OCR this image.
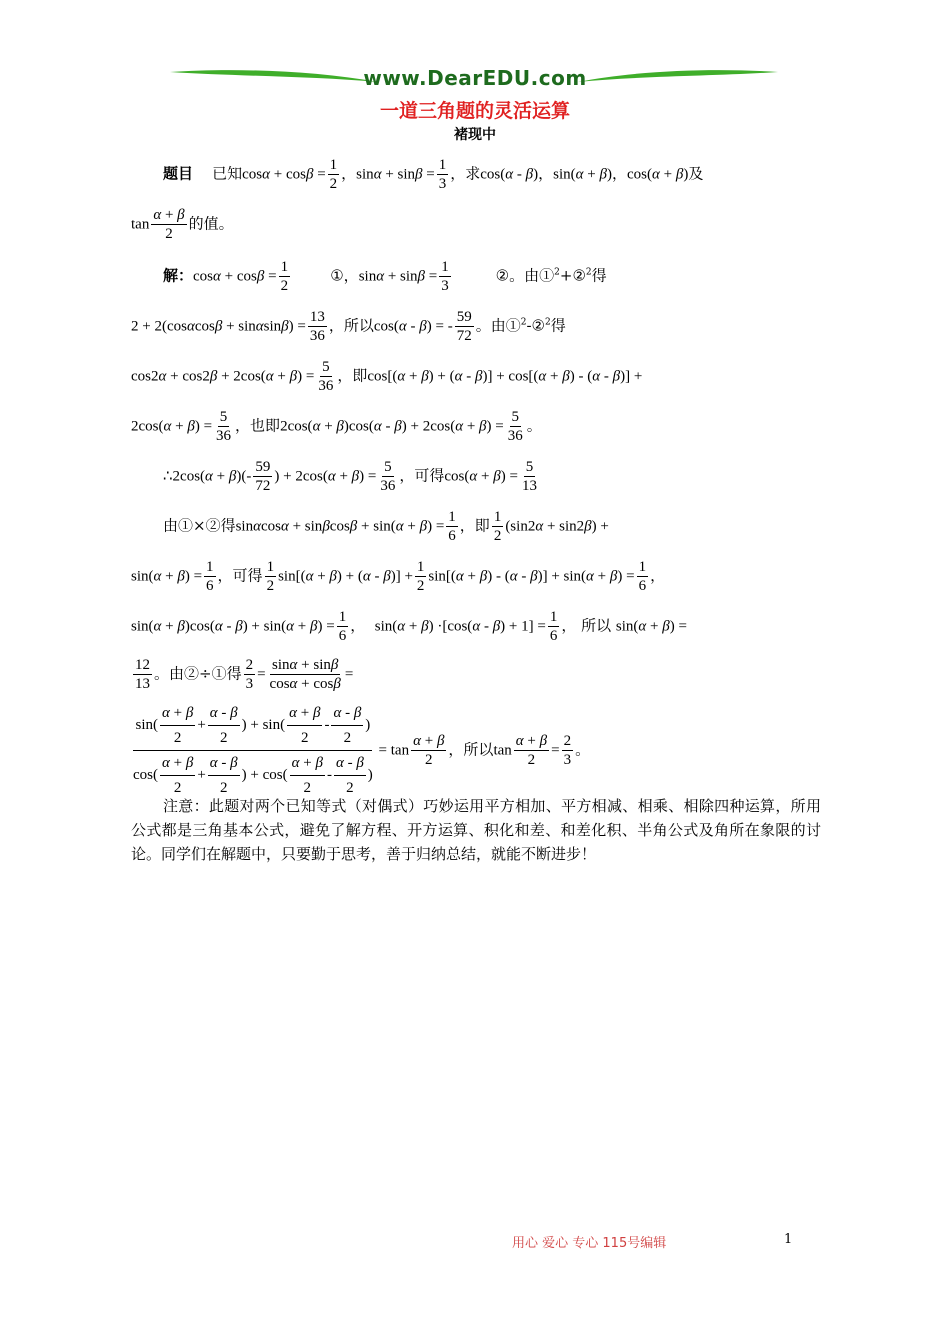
www.DearEDU.com
一道三角题的灵活运算
褚现中
题目 已知$\cos\alpha + \cos\beta = \frac{1}{2}$ ，$\sin\alpha + \sin\beta = \frac{1}{3}$ ，求cos(α - β)，sin(α + β)，cos(α + β)及
$\tan \frac{\alpha + \beta}{2}$ 的值。
解：$\cos\alpha + \cos\beta = \frac{1}{2}$	①，$\sin\alpha + \sin\beta = \frac{1}{3}$	②。由①$^2$+②$^2$得
$2 + 2(\cos\alpha\cos\beta + \sin\alpha\sin\beta) = \frac{13}{36}$ ，所以cos(α - β) = - $\frac{59}{72}$ 。由①$^2$-②$^2$得
$\cos 2\alpha + \cos 2\beta + 2\cos(\alpha + \beta) = \frac{5}{36}$ ，即cos[(α + β) + (α - β)] + cos[(α + β) - (α - β)] +
$2\cos(\alpha + \beta) = \frac{5}{36}$ ，也即$2\cos(\alpha + \beta)\cos(\alpha - \beta) + 2\cos(\alpha + \beta) = \frac{5}{36}$ 。
∴2cos(α + $\beta)(- \frac{59}{72}$ ) + $2\cos(\alpha + \beta) = \frac{5}{36}$ ，可得$\cos(\alpha + \beta) = \frac{5}{13}$
由①×②得$\sin\alpha\cos\alpha + \sin\beta\cos\beta + \sin(\alpha + \beta) = \frac{1}{6}$ ，即 $\frac{1}{2} (\sin 2\alpha + \sin 2\beta)$ +
$\sin(\alpha + \beta) = \frac{1}{6}$ ，可得 $\frac{1}{2} \sin[(\alpha + \beta) + (\alpha - \beta)] + \frac{1}{2} \sin[(\alpha + \beta) - (\alpha - \beta)] + \sin(\alpha + \beta) = \frac{1}{6}$ ，
$\sin(\alpha + \beta)\cos(\alpha - \beta) + \sin(\alpha + \beta) = \frac{1}{6}$ ，  $\sin(\alpha + \beta) \cdot[\cos(\alpha - \beta) + 1] = \frac{1}{6}$ ， 所以 sin(α + β) =
$\frac{12}{13}$ 。由②÷①得 $\frac{2}{3} = \frac{\sin\alpha + \sin\beta}{\cos\alpha + \cos\beta}$ =
$\frac{\sin( \frac{\alpha + \beta}{2} + \frac{\alpha - \beta}{2} ) + \sin( \frac{\alpha + \beta}{2} - \frac{\alpha - \beta}{2} )}{\cos( \frac{\alpha + \beta}{2} + \frac{\alpha - \beta}{2} ) + \cos( \frac{\alpha + \beta}{2} - \frac{\alpha - \beta}{2} )} = \tan \frac{\alpha + \beta}{2}$ ，所以$\tan \frac{\alpha + \beta}{2} = \frac{2}{3}$ 。
注意：此题对两个已知等式（对偶式）巧妙运用平方相加、平方相减、相乘、相除四种运算，所用公式都是三角基本公式，避免了解方程、开方运算、积化和差、和差化积、半角公式及角所在象限的讨论。同学们在解题中，只要勤于思考，善于归纳总结，就能不断进步！
用心 爱心 专心 115号编辑	1
